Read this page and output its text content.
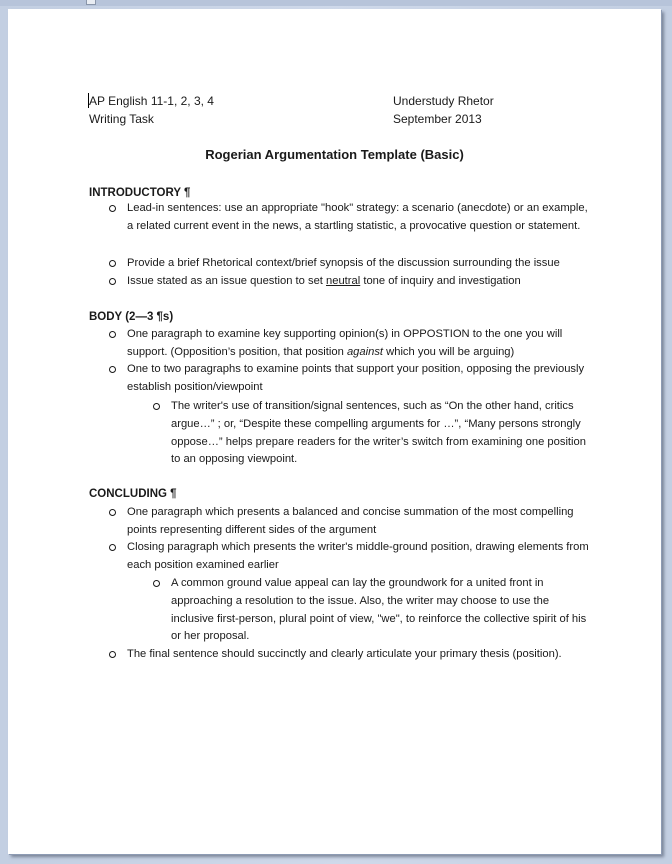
AP English 11-1, 2, 3, 4	Understudy Rhetor
Writing Task	September 2013
Rogerian Argumentation Template (Basic)
INTRODUCTORY ¶
Lead-in sentences: use an appropriate "hook" strategy: a scenario (anecdote) or an example, a related current event in the news, a startling statistic, a provocative question or statement.
Provide a brief Rhetorical context/brief synopsis of the discussion surrounding the issue
Issue stated as an issue question to set neutral tone of inquiry and investigation
BODY (2—3 ¶s)
One paragraph to examine key supporting opinion(s) in OPPOSTION to the one you will support. (Opposition’s position, that position against which you will be arguing)
One to two paragraphs to examine points that support your position, opposing the previously establish position/viewpoint
The writer's use of transition/signal sentences, such as “On the other hand, critics argue…” ; or, “Despite these compelling arguments for …”, “Many persons strongly oppose…” helps prepare readers for the writer’s switch from examining one position to an opposing viewpoint.
CONCLUDING ¶
One paragraph which presents a balanced and concise summation of the most compelling points representing different sides of the argument
Closing paragraph which presents the writer's middle-ground position, drawing elements from each position examined earlier
A common ground value appeal can lay the groundwork for a united front in approaching a resolution to the issue. Also, the writer may choose to use the inclusive first-person, plural point of view, "we", to reinforce the collective spirit of his or her proposal.
The final sentence should succinctly and clearly articulate your primary thesis (position).
